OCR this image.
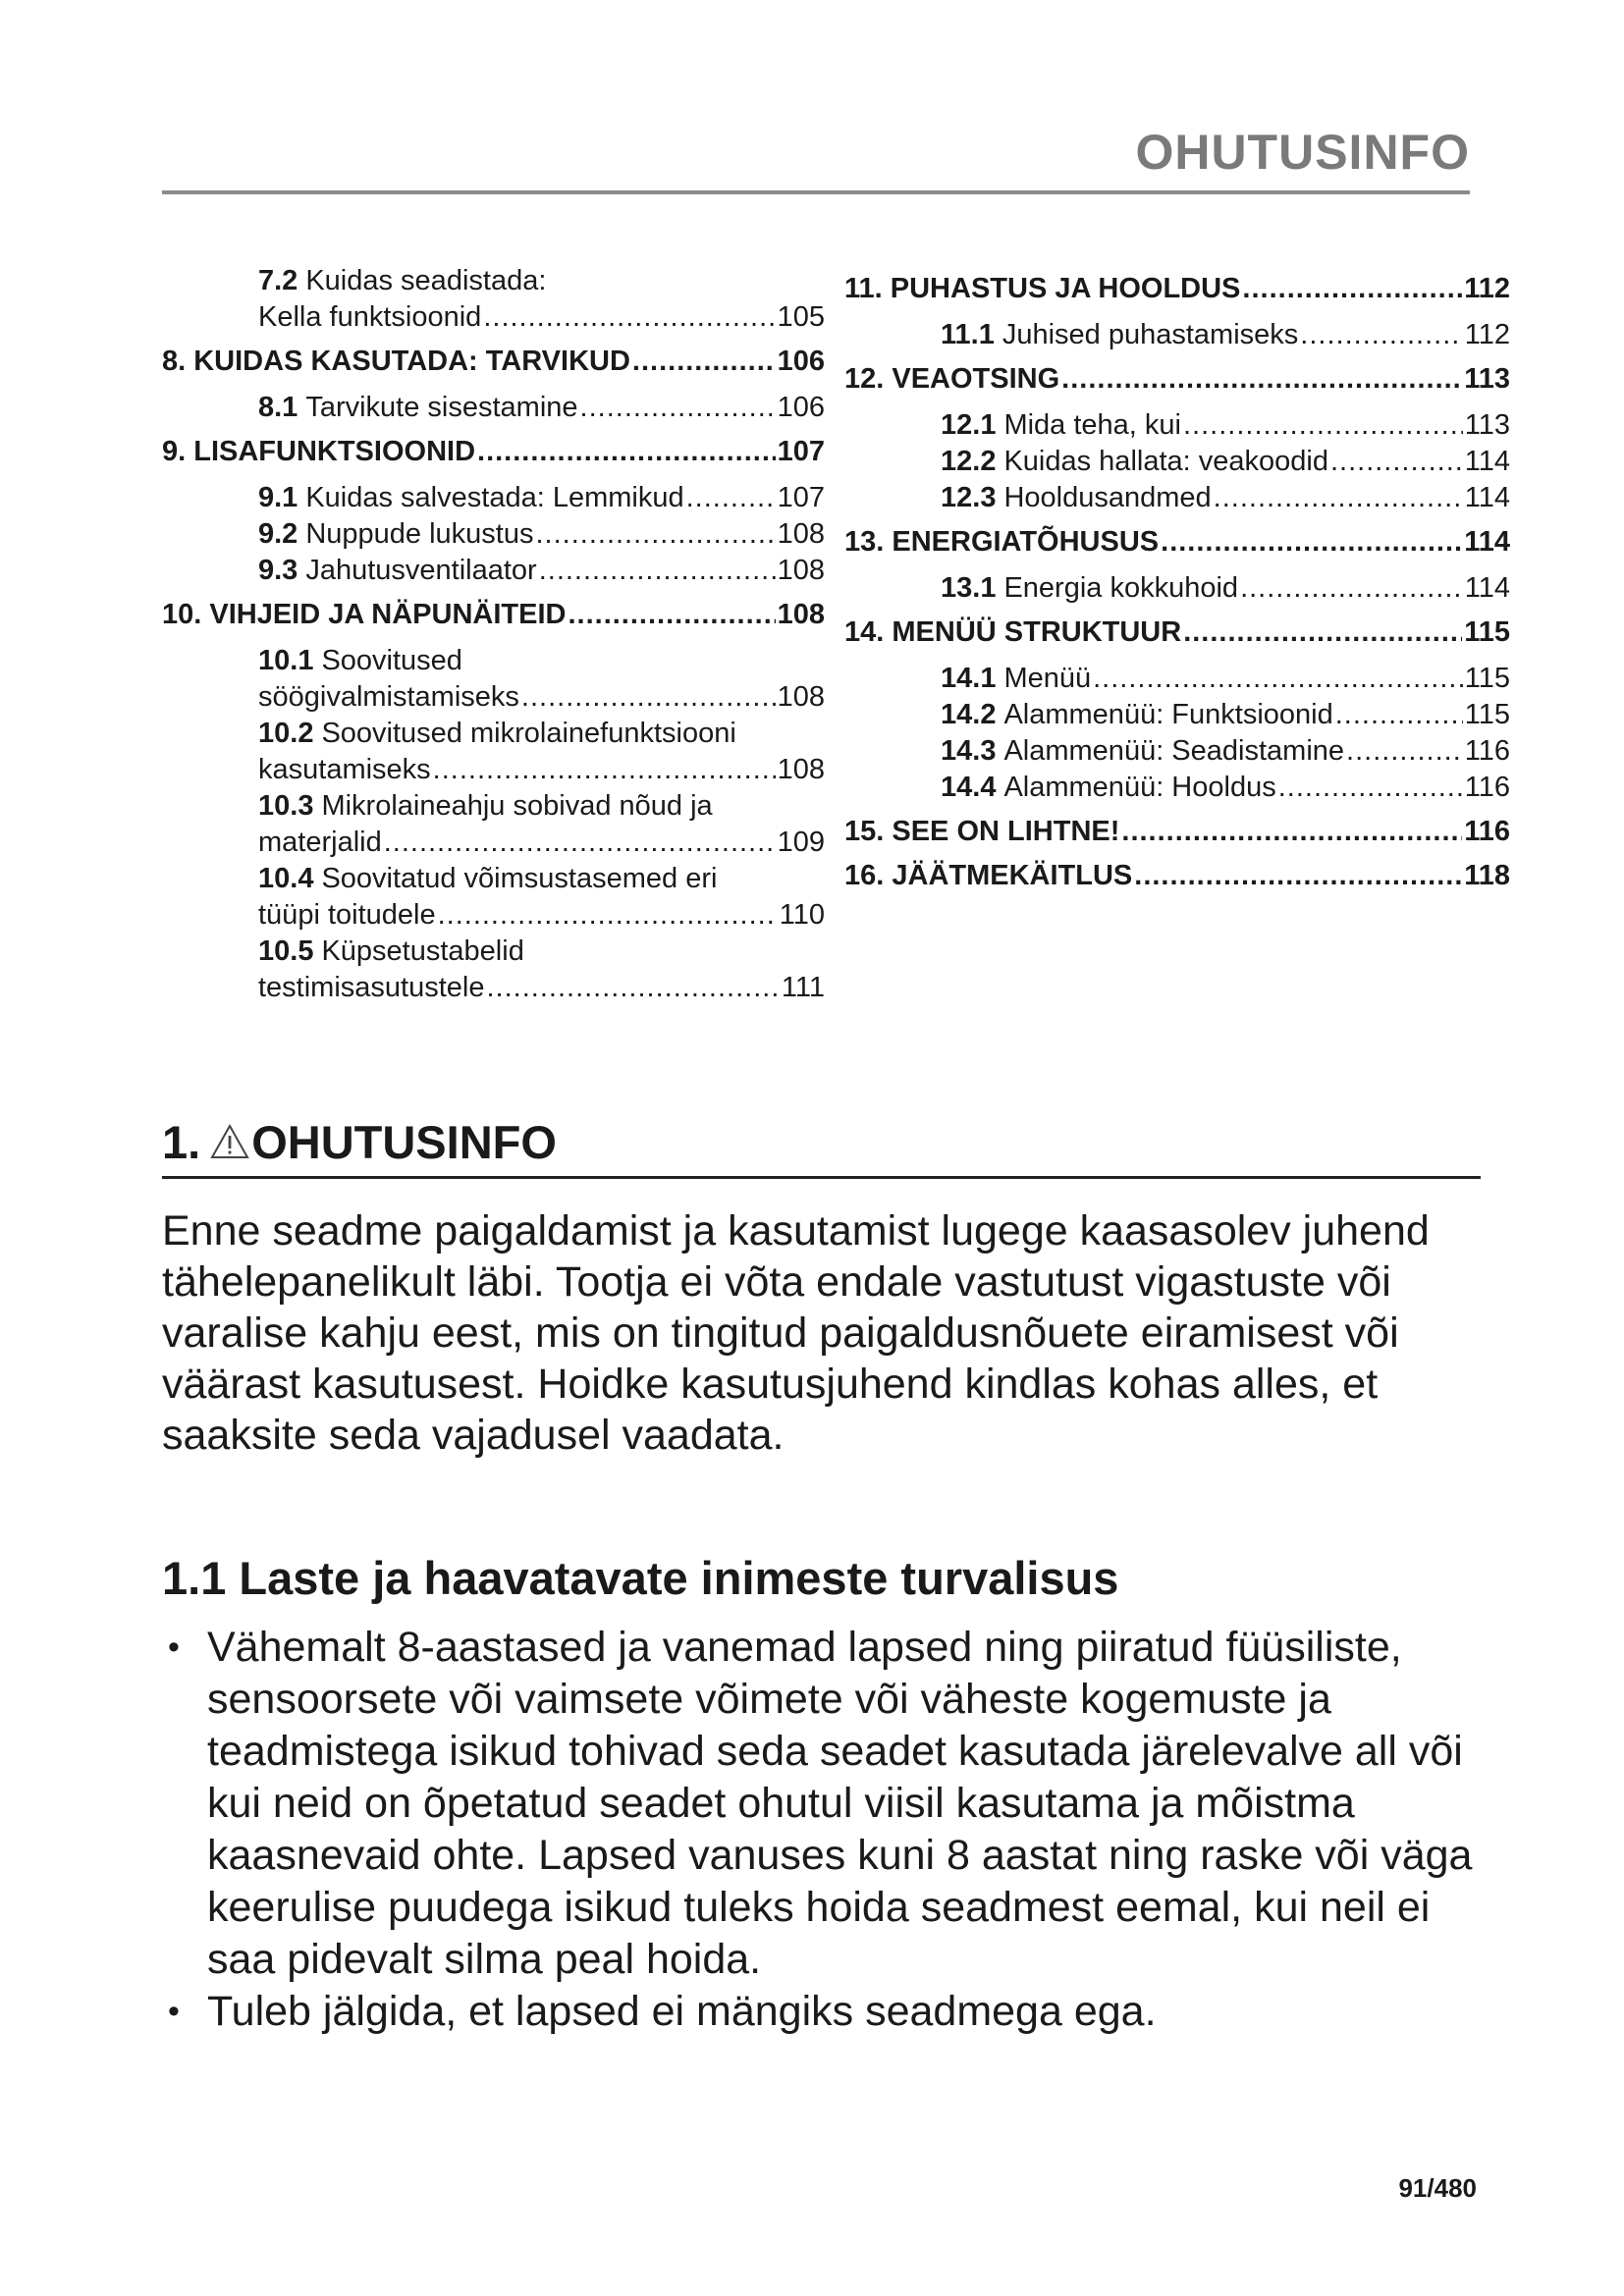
OHUTUSINFO
7.2 Kuidas seadistada:
Kella funktsioonid .....	105
8. KUIDAS KASUTADA: TARVIKUD .....	106
8.1 Tarvikute sisestamine .....	106
9. LISAFUNKTSIOONID .....	107
9.1 Kuidas salvestada: Lemmikud .....	107
9.2 Nuppude lukustus .....	108
9.3 Jahutusventilaator .....	108
10. VIHJEID JA NÄPUNÄITEID .....	108
10.1 Soovitused
söögivalmistamiseks .....	108
10.2 Soovitused mikrolainefunktsiooni
kasutamiseks .....	108
10.3 Mikrolaineahju sobivad nõud ja
materjalid .....	109
10.4 Soovitatud võimsustasemed eri
tüüpi toitudele .....	110
10.5 Küpsetustabelid
testimisasutustele .....	111
11. PUHASTUS JA HOOLDUS .....	112
11.1 Juhised puhastamiseks .....	112
12. VEAOTSING .....	113
12.1 Mida teha, kui .....	113
12.2 Kuidas hallata: veakoodid .....	114
12.3 Hooldusandmed .....	114
13. ENERGIATÕHUSUS .....	114
13.1 Energia kokkuhoid .....	114
14. MENÜÜ STRUKTUUR .....	115
14.1 Menüü .....	115
14.2 Alammenüü: Funktsioonid .....	115
14.3 Alammenüü: Seadistamine .....	116
14.4 Alammenüü: Hooldus .....	116
15. SEE ON LIHTNE! .....	116
16. JÄÄTMEKÄITLUS .....	118
1. OHUTUSINFO
Enne seadme paigaldamist ja kasutamist lugege kaasasolev juhend tähelepanelikult läbi. Tootja ei võta endale vastutust vigastuste või varalise kahju eest, mis on tingitud paigaldusnõuete eiramisest või väärast kasutusest. Hoidke kasutusjuhend kindlas kohas alles, et saaksite seda vajadusel vaadata.
1.1 Laste ja haavatavate inimeste turvalisus
• Vähemalt 8-aastased ja vanemad lapsed ning piiratud füüsiliste, sensoorsete või vaimsete võimete või väheste kogemuste ja teadmistega isikud tohivad seda seadet kasutada järelevalve all või kui neid on õpetatud seadet ohutul viisil kasutama ja mõistma kaasnevaid ohte. Lapsed vanuses kuni 8 aastat ning raske või väga keerulise puudega isikud tuleks hoida seadmest eemal, kui neil ei saa pidevalt silma peal hoida.
• Tuleb jälgida, et lapsed ei mängiks seadmega ega.
91/480
